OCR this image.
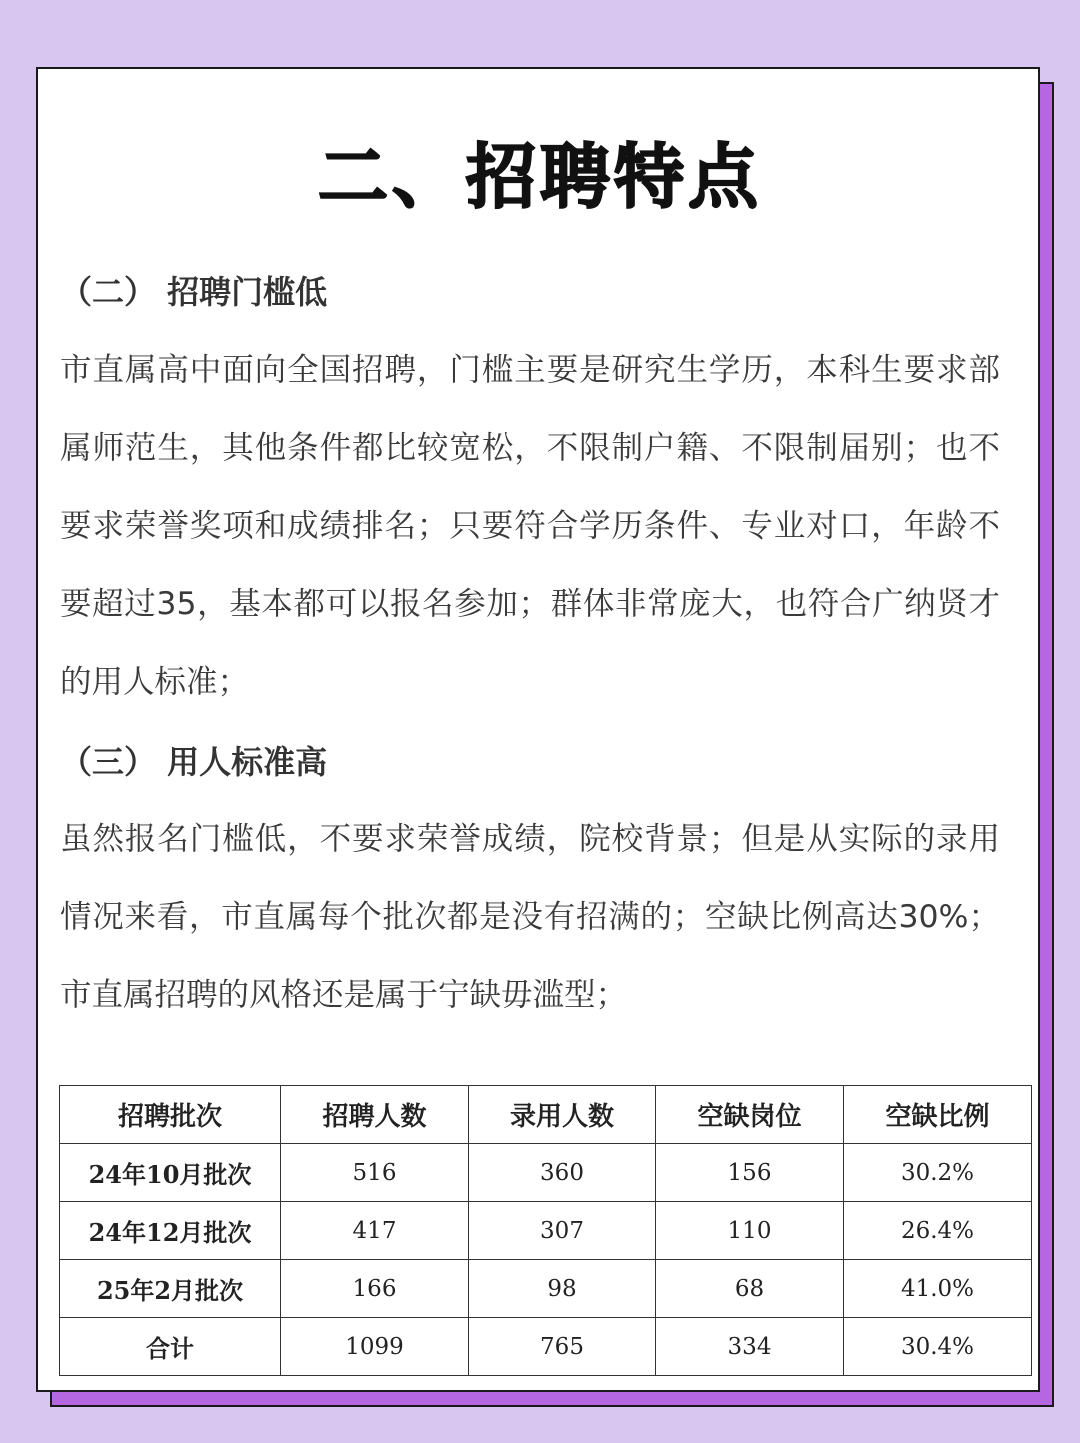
二、招聘特点
（二） 招聘门槛低

市直属高中面向全国招聘，门槛主要是研究生学历，本科生要求部属师范生，其他条件都比较宽松，不限制户籍、不限制届别；也不要求荣誉奖项和成绩排名；只要符合学历条件、专业对口，年龄不要超过35，基本都可以报名参加；群体非常庞大，也符合广纳贤才的用人标准；

（三） 用人标准高

虽然报名门槛低，不要求荣誉成绩，院校背景；但是从实际的录用情况来看，市直属每个批次都是没有招满的；空缺比例高达30%；市直属招聘的风格还是属于宁缺毋滥型；

招聘批次	招聘人数	录用人数	空缺岗位	空缺比例
24年10月批次	516	360	156	30.2%
24年12月批次	417	307	110	26.4%
25年2月批次	166	98	68	41.0%
合计	1099	765	334	30.4%
